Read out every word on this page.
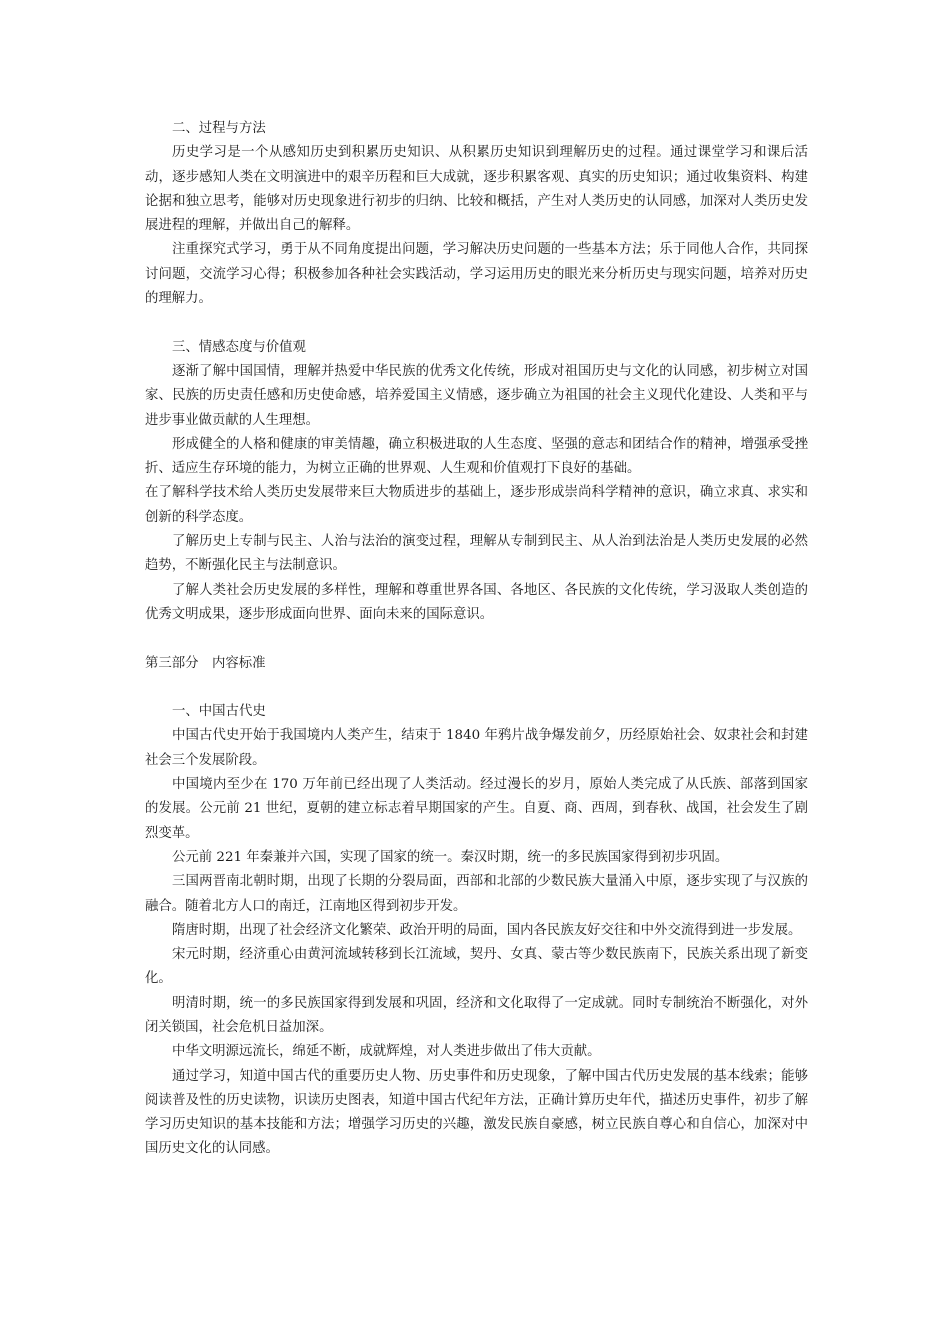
二、过程与方法

历史学习是一个从感知历史到积累历史知识、从积累历史知识到理解历史的过程。通过课堂学习和课后活动，逐步感知人类在文明演进中的艰辛历程和巨大成就，逐步积累客观、真实的历史知识；通过收集资料、构建论据和独立思考，能够对历史现象进行初步的归纳、比较和概括，产生对人类历史的认同感，加深对人类历史发展进程的理解，并做出自己的解释。

注重探究式学习，勇于从不同角度提出问题，学习解决历史问题的一些基本方法；乐于同他人合作，共同探讨问题，交流学习心得；积极参加各种社会实践活动，学习运用历史的眼光来分析历史与现实问题，培养对历史的理解力。

三、情感态度与价值观

逐渐了解中国国情，理解并热爱中华民族的优秀文化传统，形成对祖国历史与文化的认同感，初步树立对国家、民族的历史责任感和历史使命感，培养爱国主义情感，逐步确立为祖国的社会主义现代化建设、人类和平与进步事业做贡献的人生理想。

形成健全的人格和健康的审美情趣，确立积极进取的人生态度、坚强的意志和团结合作的精神，增强承受挫折、适应生存环境的能力，为树立正确的世界观、人生观和价值观打下良好的基础。

在了解科学技术给人类历史发展带来巨大物质进步的基础上，逐步形成崇尚科学精神的意识，确立求真、求实和创新的科学态度。

了解历史上专制与民主、人治与法治的演变过程，理解从专制到民主、从人治到法治是人类历史发展的必然趋势，不断强化民主与法制意识。

了解人类社会历史发展的多样性，理解和尊重世界各国、各地区、各民族的文化传统，学习汲取人类创造的优秀文明成果，逐步形成面向世界、面向未来的国际意识。

第三部分　内容标准

一、中国古代史

中国古代史开始于我国境内人类产生，结束于 1840 年鸦片战争爆发前夕，历经原始社会、奴隶社会和封建社会三个发展阶段。

中国境内至少在 170 万年前已经出现了人类活动。经过漫长的岁月，原始人类完成了从氏族、部落到国家的发展。公元前 21 世纪，夏朝的建立标志着早期国家的产生。自夏、商、西周，到春秋、战国，社会发生了剧烈变革。

公元前 221 年秦兼并六国，实现了国家的统一。秦汉时期，统一的多民族国家得到初步巩固。

三国两晋南北朝时期，出现了长期的分裂局面，西部和北部的少数民族大量涌入中原，逐步实现了与汉族的融合。随着北方人口的南迁，江南地区得到初步开发。

隋唐时期，出现了社会经济文化繁荣、政治开明的局面，国内各民族友好交往和中外交流得到进一步发展。

宋元时期，经济重心由黄河流域转移到长江流域，契丹、女真、蒙古等少数民族南下，民族关系出现了新变化。

明清时期，统一的多民族国家得到发展和巩固，经济和文化取得了一定成就。同时专制统治不断强化，对外闭关锁国，社会危机日益加深。

中华文明源远流长，绵延不断，成就辉煌，对人类进步做出了伟大贡献。

通过学习，知道中国古代的重要历史人物、历史事件和历史现象，了解中国古代历史发展的基本线索；能够阅读普及性的历史读物，识读历史图表，知道中国古代纪年方法，正确计算历史年代，描述历史事件，初步了解学习历史知识的基本技能和方法；增强学习历史的兴趣，激发民族自豪感，树立民族自尊心和自信心，加深对中国历史文化的认同感。
